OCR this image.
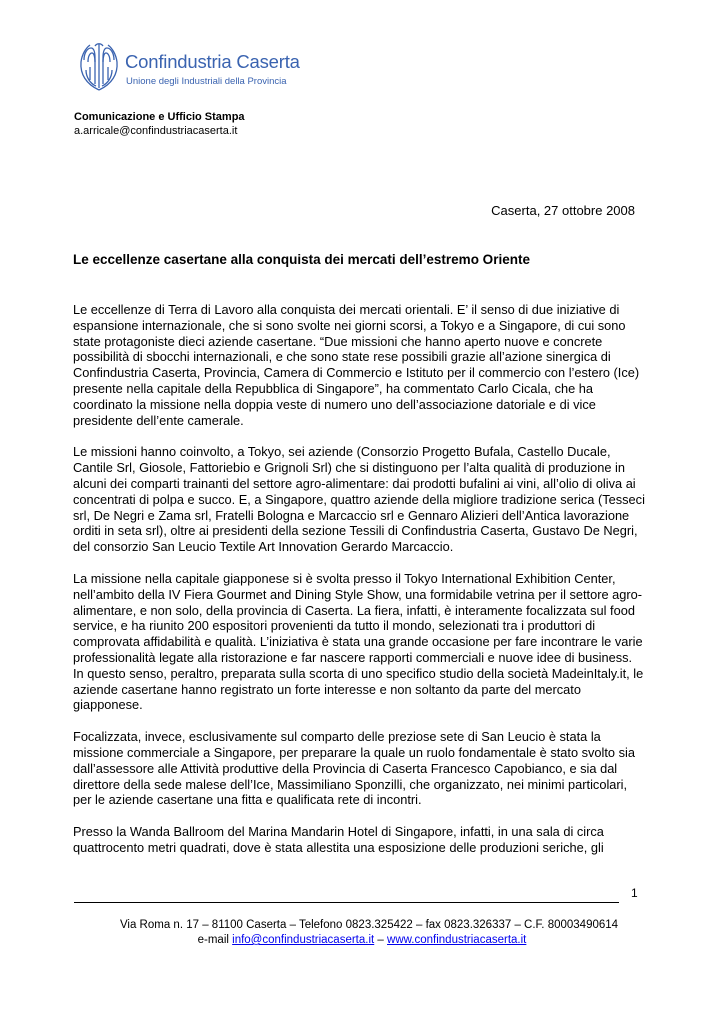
Confindustria Caserta
Unione degli Industriali della Provincia
Comunicazione e Ufficio Stampa
a.arricale@confindustriacaserta.it
Caserta, 27 ottobre 2008
Le eccellenze casertane alla conquista dei mercati dell’estremo Oriente

Le eccellenze di Terra di Lavoro alla conquista dei mercati orientali. E’ il senso di due iniziative di espansione internazionale, che si sono svolte nei giorni scorsi, a Tokyo e a Singapore, di cui sono state protagoniste dieci aziende casertane. “Due missioni che hanno aperto nuove e concrete possibilità di sbocchi internazionali, e che sono state rese possibili grazie all’azione sinergica di Confindustria Caserta, Provincia, Camera di Commercio e Istituto per il commercio con l’estero (Ice) presente nella capitale della Repubblica di Singapore”, ha commentato Carlo Cicala, che ha coordinato la missione nella doppia veste di numero uno dell’associazione datoriale e di vice presidente dell’ente camerale.

Le missioni hanno coinvolto, a Tokyo, sei aziende (Consorzio Progetto Bufala, Castello Ducale, Cantile Srl, Giosole, Fattoriebio e Grignoli Srl) che si distinguono per l’alta qualità di produzione in alcuni dei comparti trainanti del settore agro-alimentare: dai prodotti bufalini ai vini, all’olio di oliva ai concentrati di polpa e succo. E, a Singapore, quattro aziende della migliore tradizione serica (Tesseci srl, De Negri e Zama srl, Fratelli Bologna e Marcaccio srl e Gennaro Alizieri dell’Antica lavorazione orditi in seta srl), oltre ai presidenti della sezione Tessili di Confindustria Caserta, Gustavo De Negri, del consorzio San Leucio Textile Art Innovation Gerardo Marcaccio.

La missione nella capitale giapponese si è svolta presso il Tokyo International Exhibition Center, nell’ambito della IV Fiera Gourmet and Dining Style Show, una formidabile vetrina per il settore agro-alimentare, e non solo, della provincia di Caserta. La fiera, infatti, è interamente focalizzata sul food service, e ha riunito 200 espositori provenienti da tutto il mondo, selezionati tra i produttori di comprovata affidabilità e qualità. L’iniziativa è stata una grande occasione per fare incontrare le varie professionalità legate alla ristorazione e far nascere rapporti commerciali e nuove idee di business. In questo senso, peraltro, preparata sulla scorta di uno specifico studio della società MadeinItaly.it, le aziende casertane hanno registrato un forte interesse e non soltanto da parte del mercato giapponese.

Focalizzata, invece, esclusivamente sul comparto delle preziose sete di San Leucio è stata la missione commerciale a Singapore, per preparare la quale un ruolo fondamentale è stato svolto sia dall’assessore alle Attività produttive della Provincia di Caserta Francesco Capobianco, e sia dal direttore della sede malese dell’Ice, Massimiliano Sponzilli, che organizzato, nei minimi particolari, per le aziende casertane una fitta e qualificata rete di incontri.

Presso la Wanda Ballroom del Marina Mandarin Hotel di Singapore, infatti, in una sala di circa quattrocento metri quadrati, dove è stata allestita una esposizione delle produzioni seriche, gli

1
Via Roma n. 17 – 81100 Caserta – Telefono 0823.325422 – fax 0823.326337 – C.F. 80003490614
e-mail info@confindustriacaserta.it – www.confindustriacaserta.it
